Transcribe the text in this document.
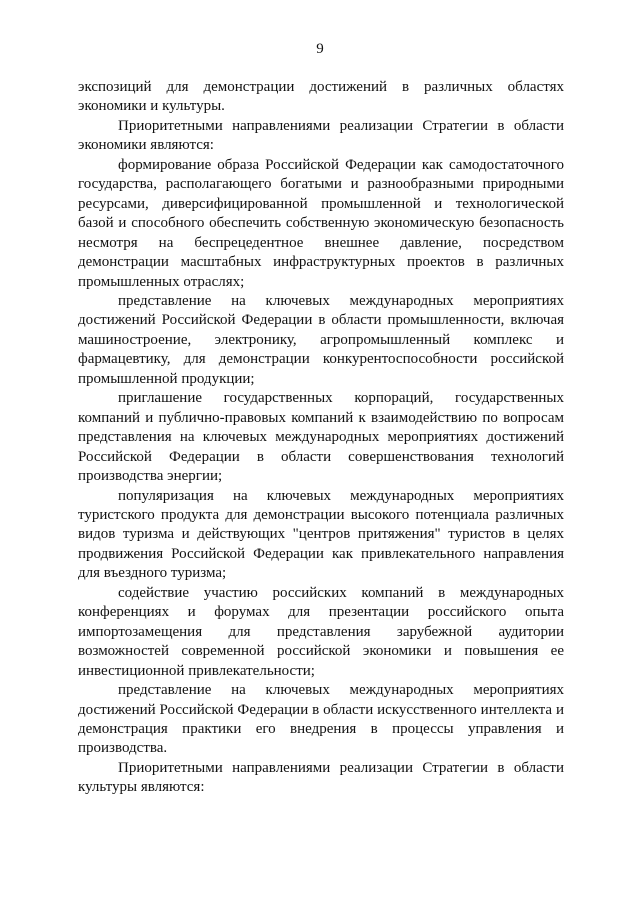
9

экспозиций для демонстрации достижений в различных областях экономики и культуры.

Приоритетными направлениями реализации Стратегии в области экономики являются:

формирование образа Российской Федерации как самодостаточного государства, располагающего богатыми и разнообразными природными ресурсами, диверсифицированной промышленной и технологической базой и способного обеспечить собственную экономическую безопасность несмотря на беспрецедентное внешнее давление, посредством демонстрации масштабных инфраструктурных проектов в различных промышленных отраслях;

представление на ключевых международных мероприятиях достижений Российской Федерации в области промышленности, включая машиностроение, электронику, агропромышленный комплекс и фармацевтику, для демонстрации конкурентоспособности российской промышленной продукции;

приглашение государственных корпораций, государственных компаний и публично-правовых компаний к взаимодействию по вопросам представления на ключевых международных мероприятиях достижений Российской Федерации в области совершенствования технологий производства энергии;

популяризация на ключевых международных мероприятиях туристского продукта для демонстрации высокого потенциала различных видов туризма и действующих "центров притяжения" туристов в целях продвижения Российской Федерации как привлекательного направления для въездного туризма;

содействие участию российских компаний в международных конференциях и форумах для презентации российского опыта импортозамещения для представления зарубежной аудитории возможностей современной российской экономики и повышения ее инвестиционной привлекательности;

представление на ключевых международных мероприятиях достижений Российской Федерации в области искусственного интеллекта и демонстрация практики его внедрения в процессы управления и производства.

Приоритетными направлениями реализации Стратегии в области культуры являются:
